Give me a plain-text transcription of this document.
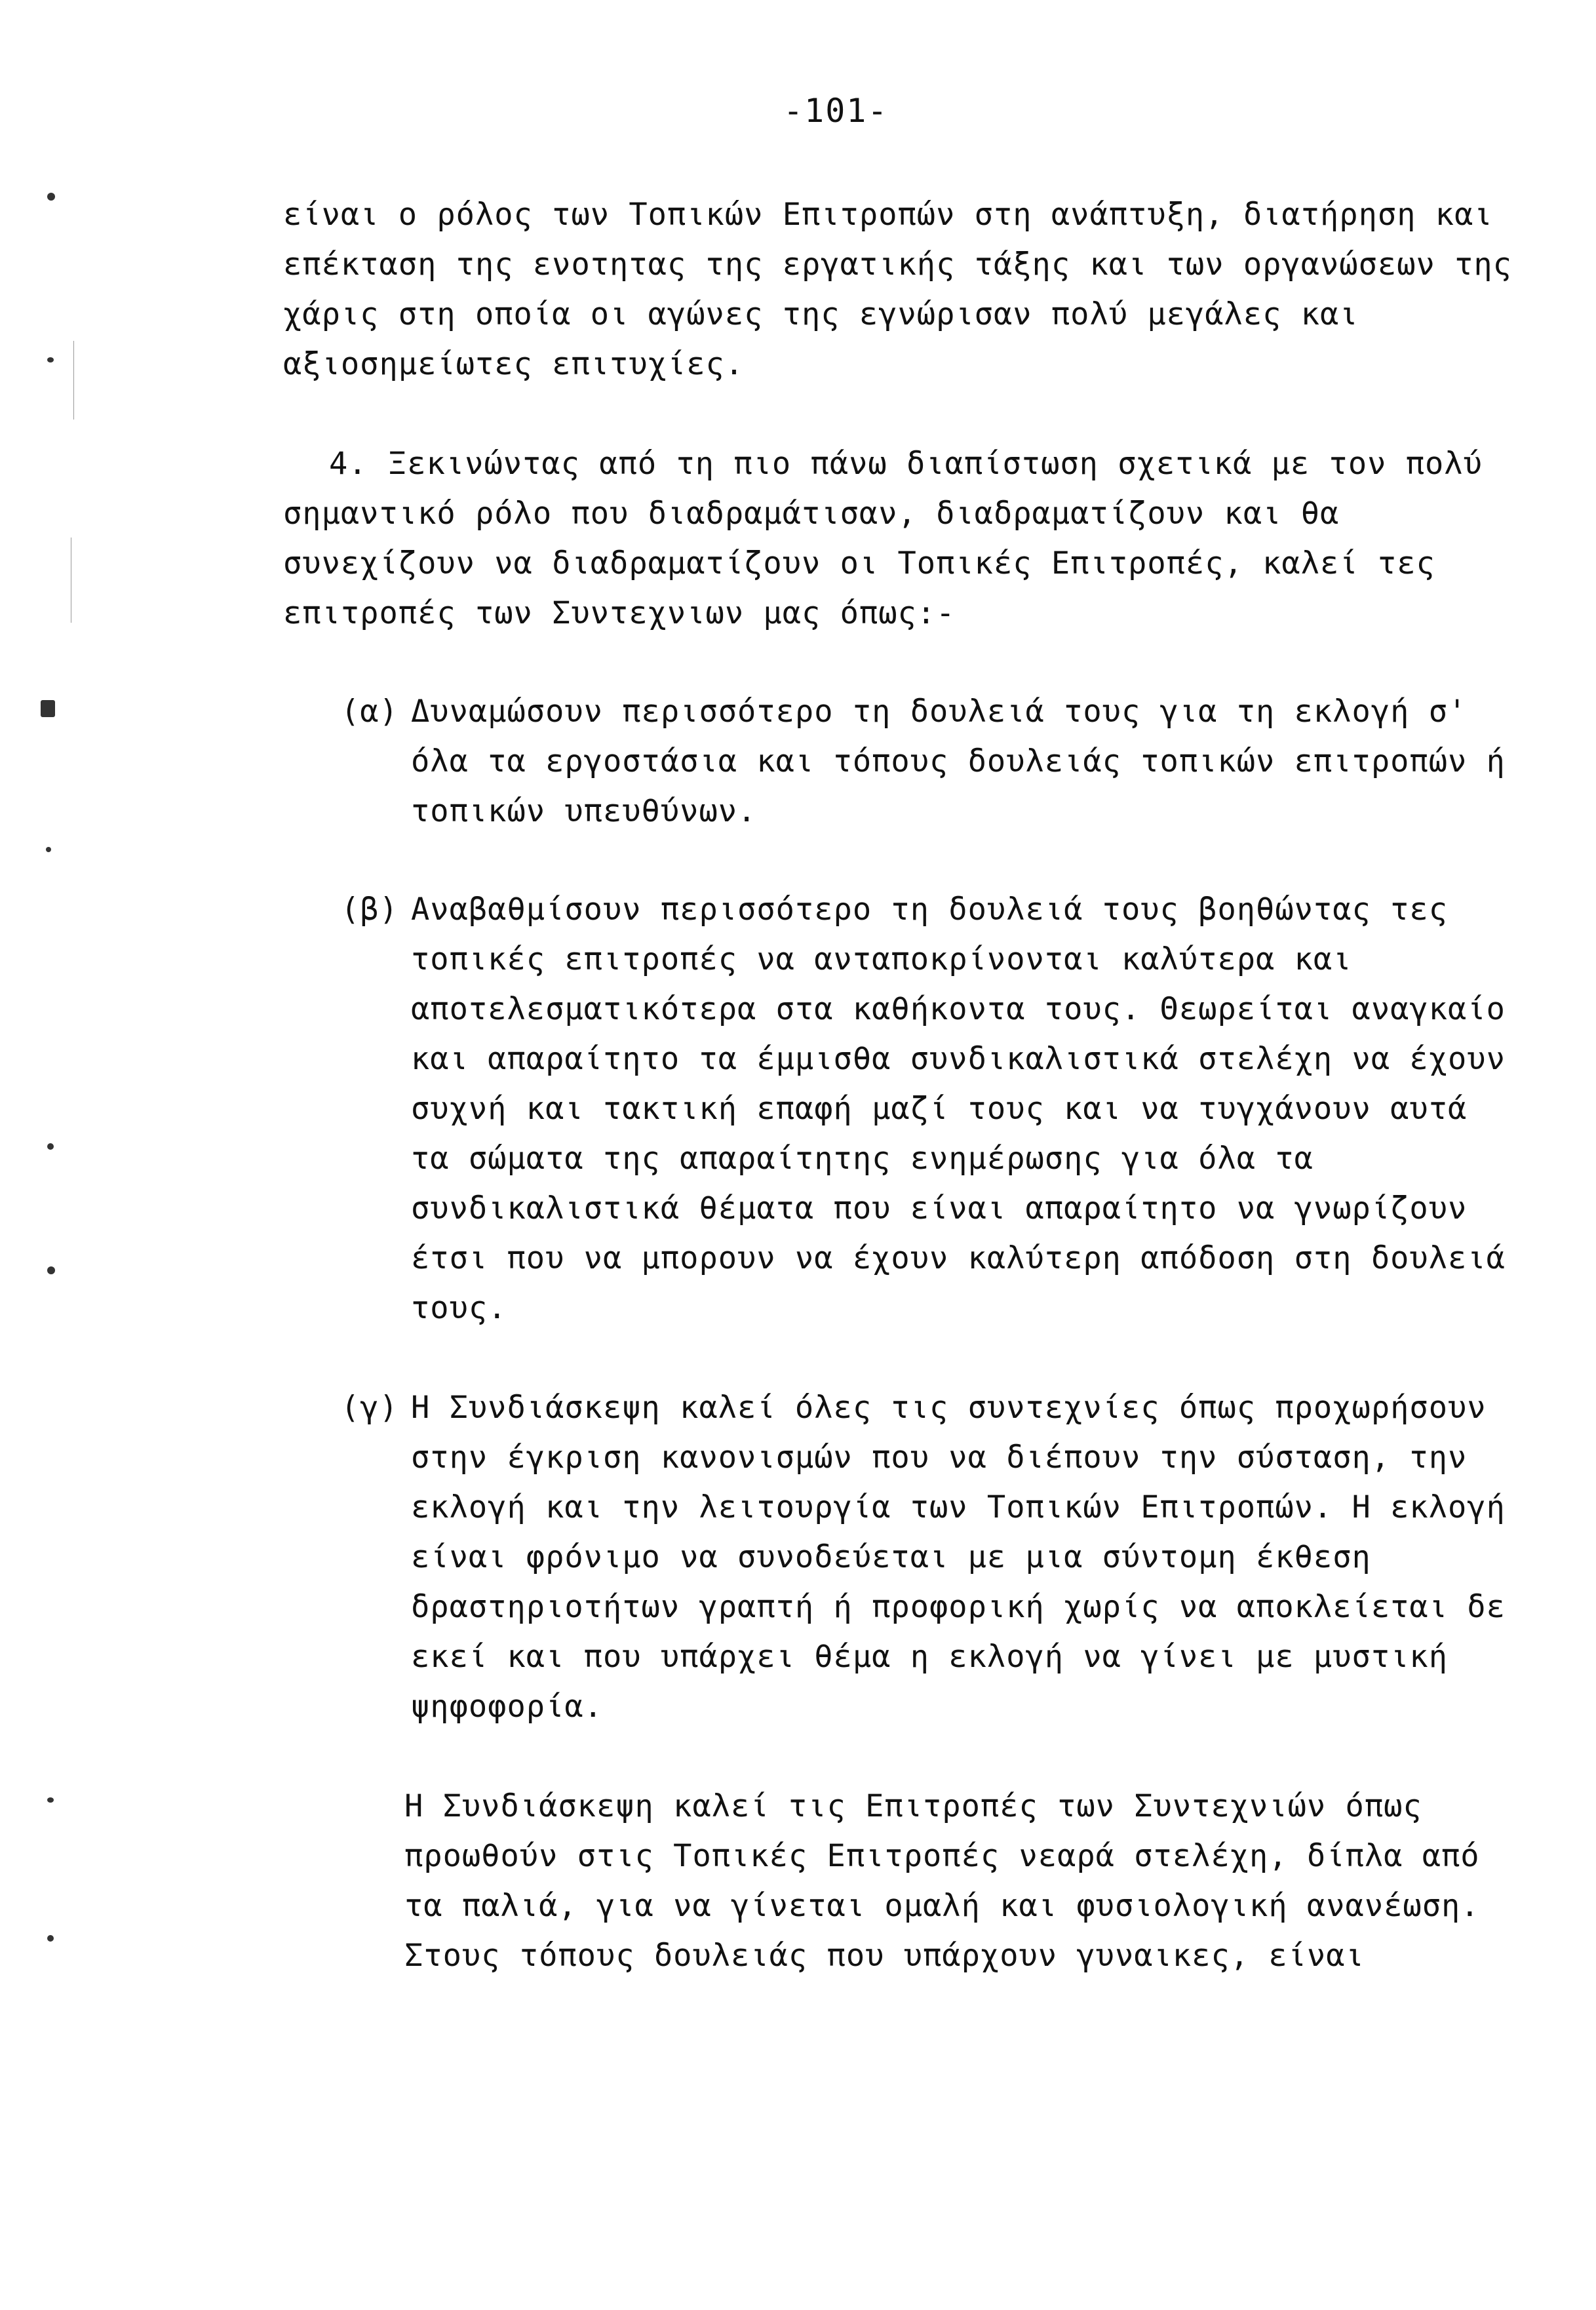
-101-
είναι ο ρόλος των Τοπικών Επιτροπών στη ανάπτυξη, διατήρηση και
επέκταση της ενοτητας της εργατικής τάξης και των οργανώσεων της
χάρις στη οποία οι αγώνες της εγνώρισαν πολύ μεγάλες και
αξιοσημείωτες επιτυχίες.
4. Ξεκινώντας από τη πιο πάνω διαπίστωση σχετικά με τον πολύ
σημαντικό ρόλο που διαδραμάτισαν, διαδραματίζουν και θα
συνεχίζουν να διαδραματίζουν οι Τοπικές Επιτροπές, καλεί τες
επιτροπές των Συντεχνιων μας όπως:-
(α) Δυναμώσουν περισσότερο τη δουλειά τους για τη εκλογή σ'
όλα τα εργοστάσια και τόπους δουλειάς τοπικών επιτροπών ή
τοπικών υπευθύνων.
(β) Αναβαθμίσουν περισσότερο τη δουλειά τους βοηθώντας τες
τοπικές επιτροπές να ανταποκρίνονται καλύτερα και
αποτελεσματικότερα στα καθήκοντα τους. Θεωρείται αναγκαίο
και απαραίτητο τα έμμισθα συνδικαλιστικά στελέχη να έχουν
συχνή και τακτική επαφή μαζί τους και να τυγχάνουν αυτά
τα σώματα της απαραίτητης ενημέρωσης για όλα τα
συνδικαλιστικά θέματα που είναι απαραίτητο να γνωρίζουν
έτσι που να μπορουν να έχουν καλύτερη απόδοση στη δουλειά
τους.
(γ) Η Συνδιάσκεψη καλεί όλες τις συντεχνίες όπως προχωρήσουν
στην έγκριση κανονισμών που να διέπουν την σύσταση, την
εκλογή και την λειτουργία των Τοπικών Επιτροπών. Η εκλογή
είναι φρόνιμο να συνοδεύεται με μια σύντομη έκθεση
δραστηριοτήτων γραπτή ή προφορική χωρίς να αποκλείεται δε
εκεί και που υπάρχει θέμα η εκλογή να γίνει με μυστική
ψηφοφορία.
Η Συνδιάσκεψη καλεί τις Επιτροπές των Συντεχνιών όπως
προωθούν στις Τοπικές Επιτροπές νεαρά στελέχη, δίπλα από
τα παλιά, για να γίνεται ομαλή και φυσιολογική ανανέωση.
Στους τόπους δουλειάς που υπάρχουν γυναικες, είναι
